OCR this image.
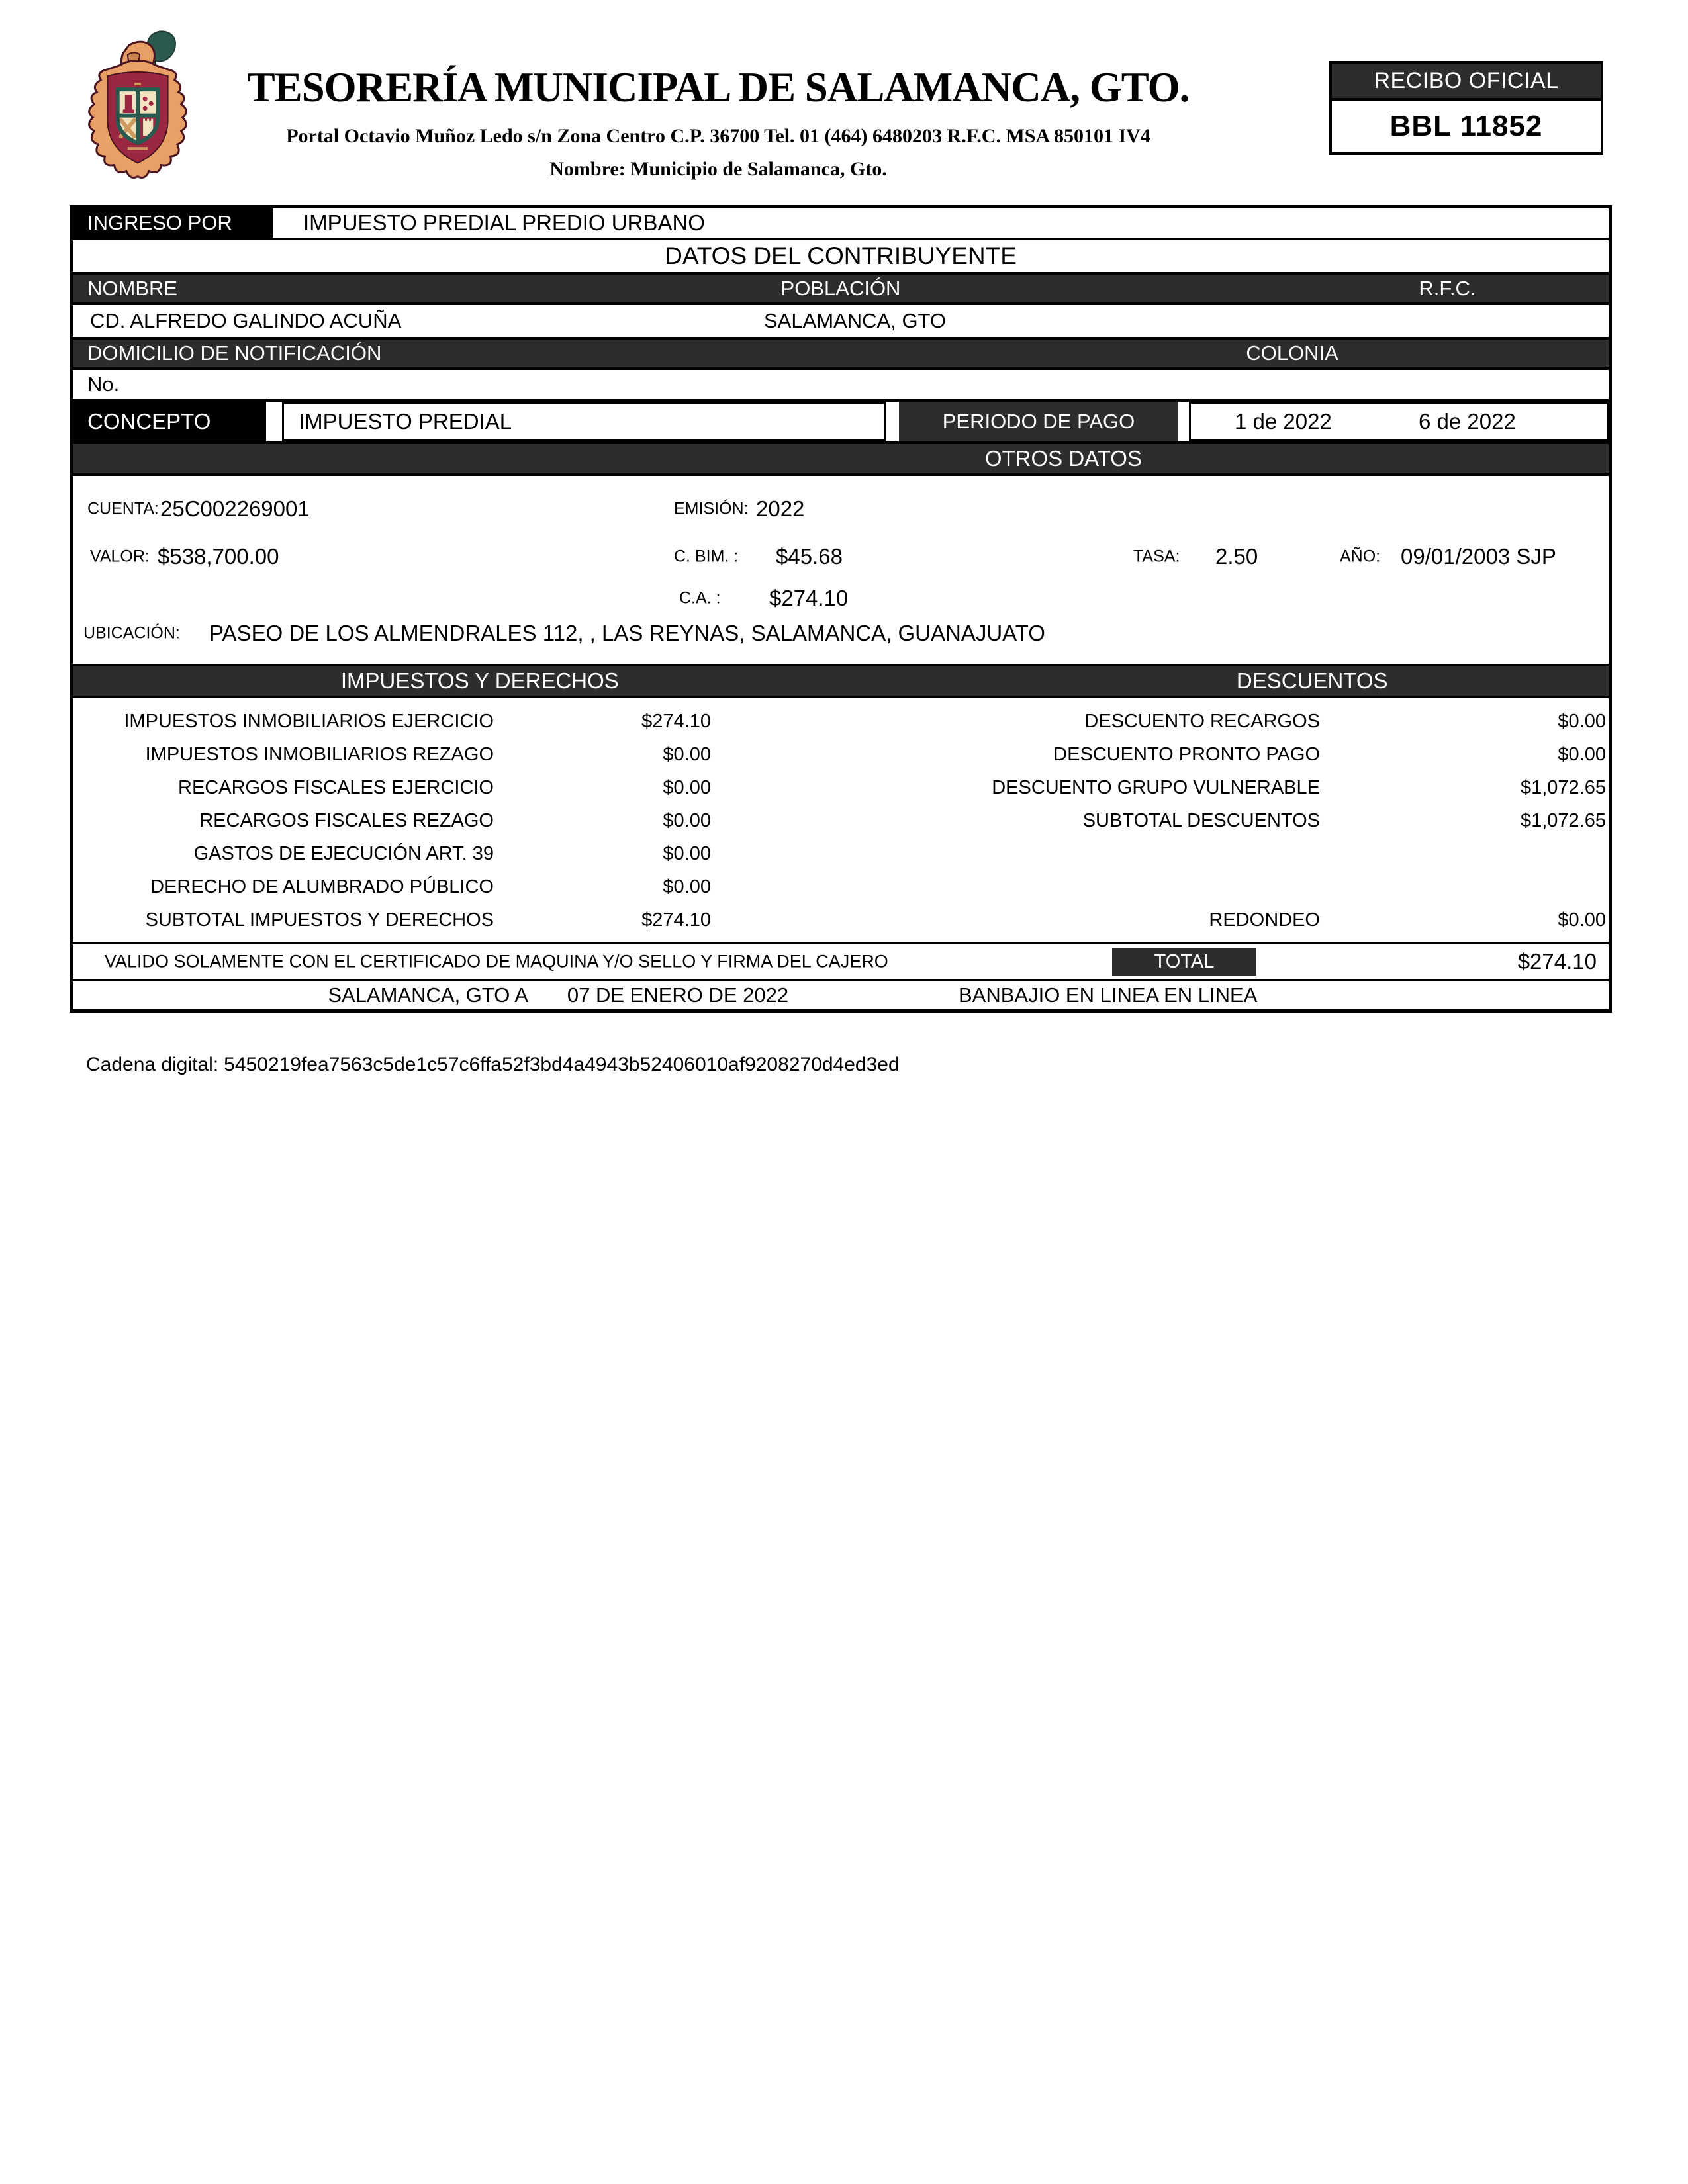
TESORERÍA MUNICIPAL DE SALAMANCA, GTO.
Portal Octavio Muñoz Ledo s/n Zona Centro C.P. 36700 Tel. 01 (464) 6480203 R.F.C. MSA 850101 IV4
Nombre: Municipio de Salamanca, Gto.
RECIBO OFICIAL
BBL 11852
INGRESO POR	IMPUESTO PREDIAL PREDIO URBANO
DATOS DEL CONTRIBUYENTE
NOMBRE	POBLACIÓN	R.F.C.
CD. ALFREDO GALINDO ACUÑA	SALAMANCA, GTO
DOMICILIO DE NOTIFICACIÓN	COLONIA
No.
CONCEPTO	IMPUESTO PREDIAL	PERIODO DE PAGO	1 de 2022	6 de 2022
OTROS DATOS
CUENTA: 25C002269001	EMISIÓN: 2022
VALOR: $538,700.00	C. BIM. : $45.68	TASA: 2.50	AÑO: 09/01/2003 SJP
C.A. : $274.10
UBICACIÓN: PASEO DE LOS ALMENDRALES 112, , LAS REYNAS, SALAMANCA, GUANAJUATO
IMPUESTOS Y DERECHOS	DESCUENTOS
IMPUESTOS INMOBILIARIOS EJERCICIO	$274.10	DESCUENTO RECARGOS	$0.00
IMPUESTOS INMOBILIARIOS REZAGO	$0.00	DESCUENTO PRONTO PAGO	$0.00
RECARGOS FISCALES EJERCICIO	$0.00	DESCUENTO GRUPO VULNERABLE	$1,072.65
RECARGOS FISCALES REZAGO	$0.00	SUBTOTAL DESCUENTOS	$1,072.65
GASTOS DE EJECUCIÓN ART. 39	$0.00
DERECHO DE ALUMBRADO PÚBLICO	$0.00
SUBTOTAL IMPUESTOS Y DERECHOS	$274.10	REDONDEO	$0.00
VALIDO SOLAMENTE CON EL CERTIFICADO DE MAQUINA Y/O SELLO Y FIRMA DEL CAJERO	TOTAL	$274.10
SALAMANCA, GTO A	07 DE ENERO DE 2022	BANBAJIO EN LINEA EN LINEA
Cadena digital: 5450219fea7563c5de1c57c6ffa52f3bd4a4943b52406010af9208270d4ed3ed
